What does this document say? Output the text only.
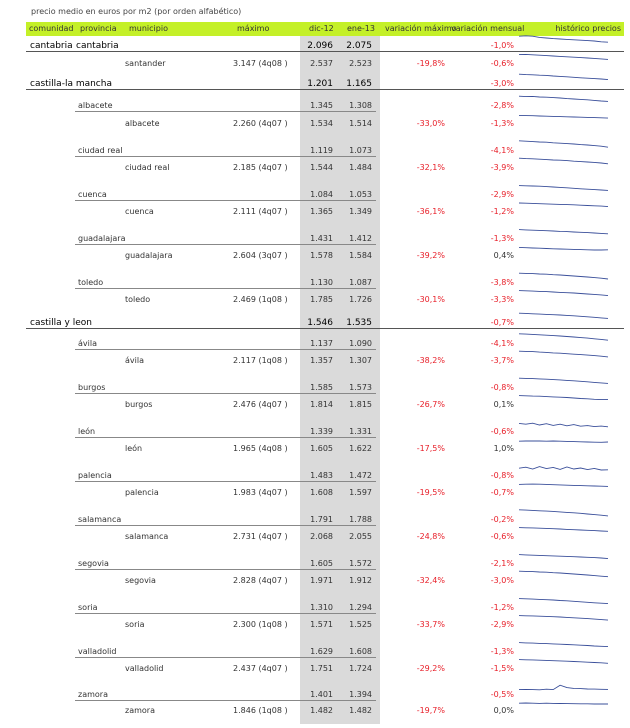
precio medio en euros por m2 (por orden alfabético)
comunidad provincia municipio	máximo	dic-12 ene-13 variación máximo
variación mensual	histórico precios
cantabria cantabria	2.096 2.075	-1,0%
santander	3.147 (4q08 )	2.537 2.523	-19,8%	-0,6%
castilla-la mancha	1.201 1.165	-3,0%
albacete	1.345 1.308	-2,8%
albacete	2.260 (4q07 )	1.534 1.514	-33,0%	-1,3%
ciudad real	1.119 1.073	-4,1%
ciudad real	2.185 (4q07 )	1.544 1.484	-32,1%	-3,9%
cuenca	1.084 1.053	-2,9%
cuenca	2.111 (4q07 )	1.365 1.349	-36,1%	-1,2%
guadalajara	1.431 1.412	-1,3%
guadalajara	2.604 (3q07 )	1.578 1.584	-39,2%	0,4%
toledo	1.130 1.087	-3,8%
toledo	2.469 (1q08 )	1.785 1.726	-30,1%	-3,3%
castilla y leon	1.546 1.535	-0,7%
ávila	1.137 1.090	-4,1%
ávila	2.117 (1q08 )	1.357 1.307	-38,2%	-3,7%
burgos	1.585 1.573	-0,8%
burgos	2.476 (4q07 )	1.814 1.815	-26,7%	0,1%
león	1.339 1.331	-0,6%
león	1.965 (4q08 )	1.605 1.622	-17,5%	1,0%
palencia	1.483 1.472	-0,8%
palencia	1.983 (4q07 )	1.608 1.597	-19,5%	-0,7%
salamanca	1.791 1.788	-0,2%
salamanca	2.731 (4q07 )	2.068 2.055	-24,8%	-0,6%
segovia	1.605 1.572	-2,1%
segovia	2.828 (4q07 )	1.971 1.912	-32,4%	-3,0%
soria	1.310 1.294	-1,2%
soria	2.300 (1q08 )	1.571 1.525	-33,7%	-2,9%
valladolid	1.629 1.608	-1,3%
valladolid	2.437 (4q07 )	1.751 1.724	-29,2%	-1,5%
zamora	1.401 1.394	-0,5%
zamora	1.846 (1q08 )	1.482 1.482	-19,7%	0,0%
